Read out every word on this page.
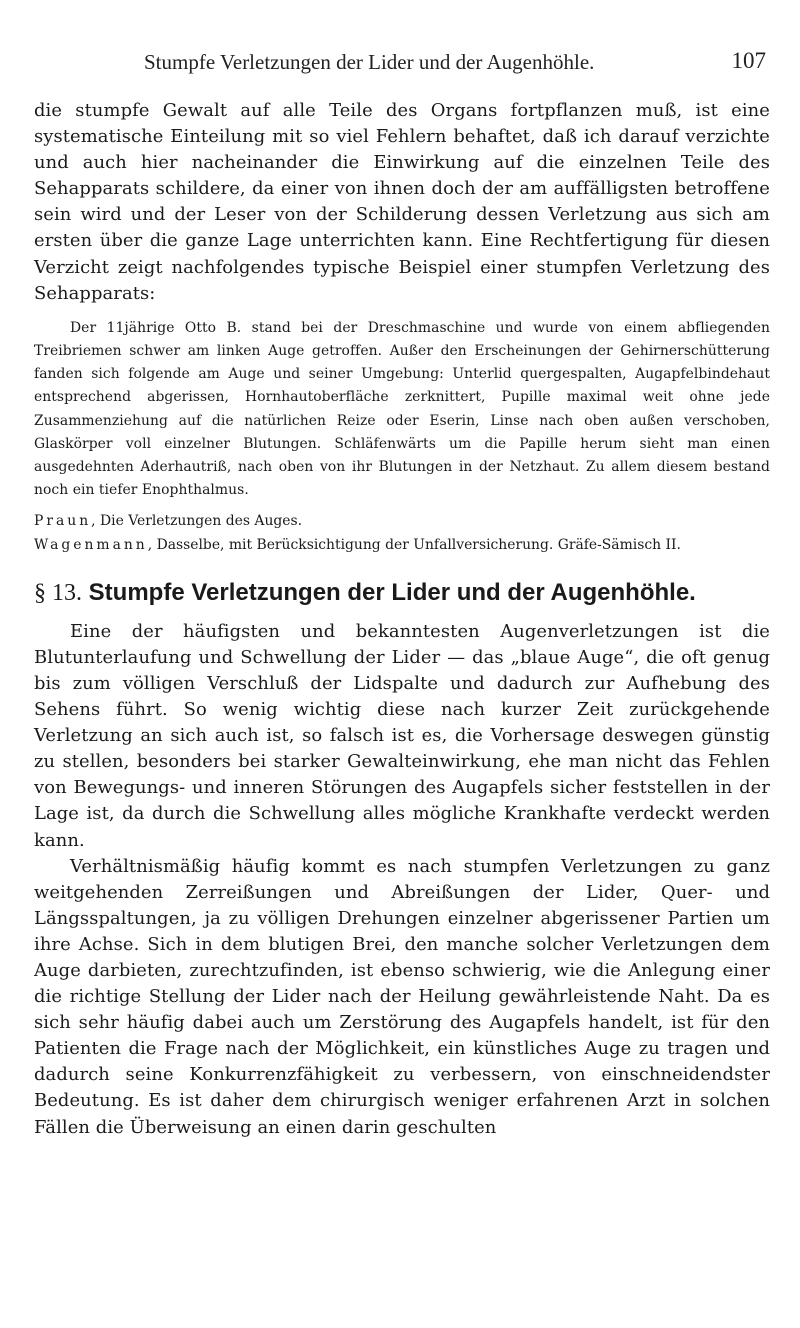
Stumpfe Verletzungen der Lider und der Augenhöhle.	107

die stumpfe Gewalt auf alle Teile des Organs fortpflanzen muß, ist eine systematische Einteilung mit so viel Fehlern behaftet, daß ich darauf verzichte und auch hier nacheinander die Einwirkung auf die einzelnen Teile des Sehapparats schildere, da einer von ihnen doch der am auffälligsten betroffene sein wird und der Leser von der Schilderung dessen Verletzung aus sich am ersten über die ganze Lage unterrichten kann. Eine Rechtfertigung für diesen Verzicht zeigt nachfolgendes typische Beispiel einer stumpfen Verletzung des Sehapparats:

Der 11jährige Otto B. stand bei der Dreschmaschine und wurde von einem abfliegenden Treibriemen schwer am linken Auge getroffen. Außer den Erscheinungen der Gehirnerschütterung fanden sich folgende am Auge und seiner Umgebung: Unterlid quergespalten, Augapfelbindehaut entsprechend abgerissen, Hornhautoberfläche zerknittert, Pupille maximal weit ohne jede Zusammenziehung auf die natürlichen Reize oder Eserin, Linse nach oben außen verschoben, Glaskörper voll einzelner Blutungen. Schläfenwärts um die Papille herum sieht man einen ausgedehnten Aderhautriß, nach oben von ihr Blutungen in der Netzhaut. Zu allem diesem bestand noch ein tiefer Enophthalmus.

Praun, Die Verletzungen des Auges.
Wagenmann, Dasselbe, mit Berücksichtigung der Unfallversicherung. Gräfe-Sämisch II.
§ 13. Stumpfe Verletzungen der Lider und der Augenhöhle.

Eine der häufigsten und bekanntesten Augenverletzungen ist die Blutunterlaufung und Schwellung der Lider — das „blaue Auge“, die oft genug bis zum völligen Verschluß der Lidspalte und dadurch zur Aufhebung des Sehens führt. So wenig wichtig diese nach kurzer Zeit zurückgehende Verletzung an sich auch ist, so falsch ist es, die Vorhersage deswegen günstig zu stellen, besonders bei starker Gewalteinwirkung, ehe man nicht das Fehlen von Bewegungs- und inneren Störungen des Augapfels sicher feststellen in der Lage ist, da durch die Schwellung alles mögliche Krankhafte verdeckt werden kann.

Verhältnismäßig häufig kommt es nach stumpfen Verletzungen zu ganz weitgehenden Zerreißungen und Abreißungen der Lider, Quer- und Längsspaltungen, ja zu völligen Drehungen einzelner abgerissener Partien um ihre Achse. Sich in dem blutigen Brei, den manche solcher Verletzungen dem Auge darbieten, zurechtzufinden, ist ebenso schwierig, wie die Anlegung einer die richtige Stellung der Lider nach der Heilung gewährleistende Naht. Da es sich sehr häufig dabei auch um Zerstörung des Augapfels handelt, ist für den Patienten die Frage nach der Möglichkeit, ein künstliches Auge zu tragen und dadurch seine Konkurrenzfähigkeit zu verbessern, von einschneidendster Bedeutung. Es ist daher dem chirurgisch weniger erfahrenen Arzt in solchen Fällen die Überweisung an einen darin geschulten
